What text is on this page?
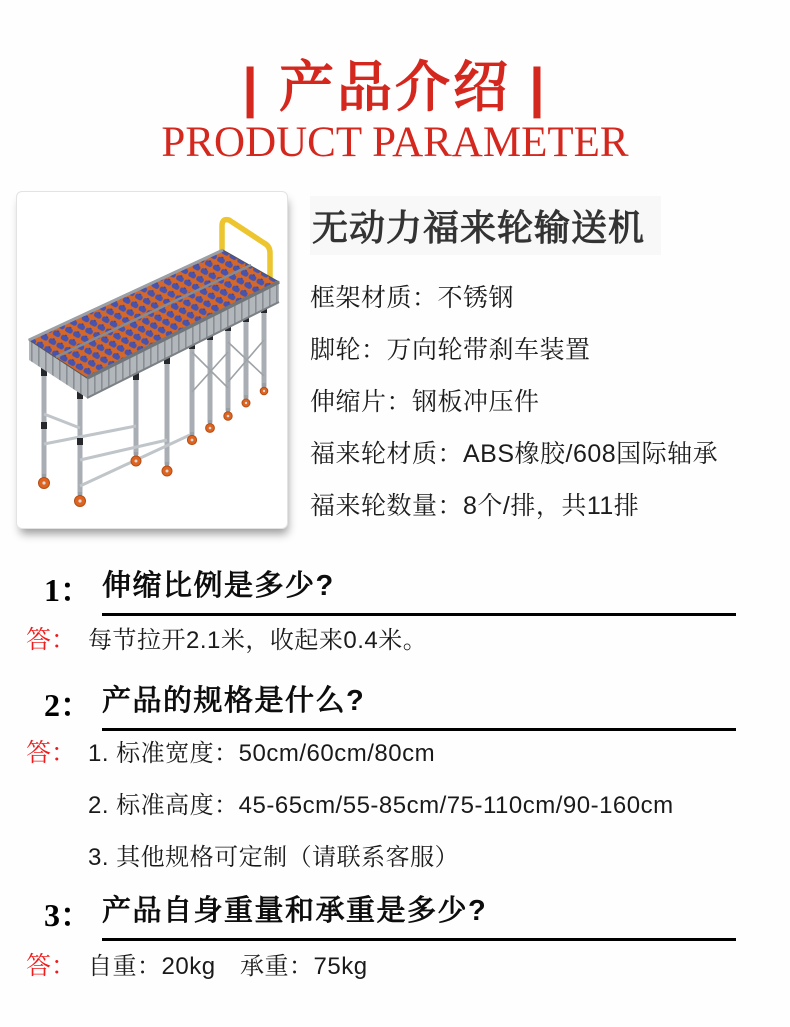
| 产品介绍 |
PRODUCT PARAMETER
无动力福来轮输送机
框架材质：不锈钢
脚轮：万向轮带刹车装置
伸缩片：钢板冲压件
福来轮材质：ABS橡胶/608国际轴承
福来轮数量：8个/排，共11排
1： 伸缩比例是多少?
答： 每节拉开2.1米，收起来0.4米。
2： 产品的规格是什么?
答： 1. 标准宽度：50cm/60cm/80cm
2. 标准高度：45-65cm/55-85cm/75-110cm/90-160cm
3. 其他规格可定制（请联系客服）
3： 产品自身重量和承重是多少?
答： 自重：20kg　承重：75kg
